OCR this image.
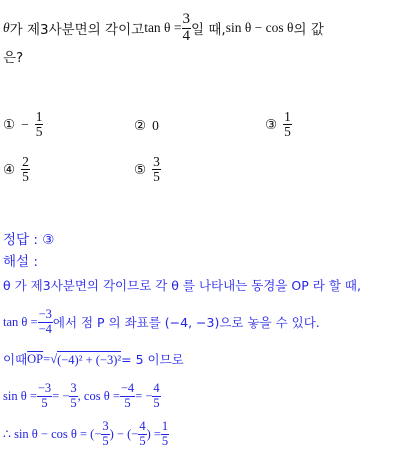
θ 가 제3사분면의 각이고 $\tan \theta = \frac{3}{4}$ 일 때, sin θ − cos θ 의 값
은?
① − $\frac{1}{5}$	② 0	③ $\frac{1}{5}$
④ $\frac{2}{5}$	⑤ $\frac{3}{5}$
정답 : ③
해설 :
θ 가 제3사분면의 각이므로 각 θ 를 나타내는 동경을 OP 라 할 때,
$\tan \theta = \frac{-3}{-4}$ 에서 점 P 의 좌표를 (−4, −3)으로 놓을 수 있다.
이때 $\overline{OP}$ = √ (−4)² + (−3)² = 5 이므로
$\sin \theta = \frac{-3}{5}$ = − $\frac{3}{5}$ , $\cos \theta = \frac{-4}{5}$ = − $\frac{4}{5}$
∴ sin θ − cos θ = (− $\frac{3}{5}$ ) − (− $\frac{4}{5}$ ) = $\frac{1}{5}$
